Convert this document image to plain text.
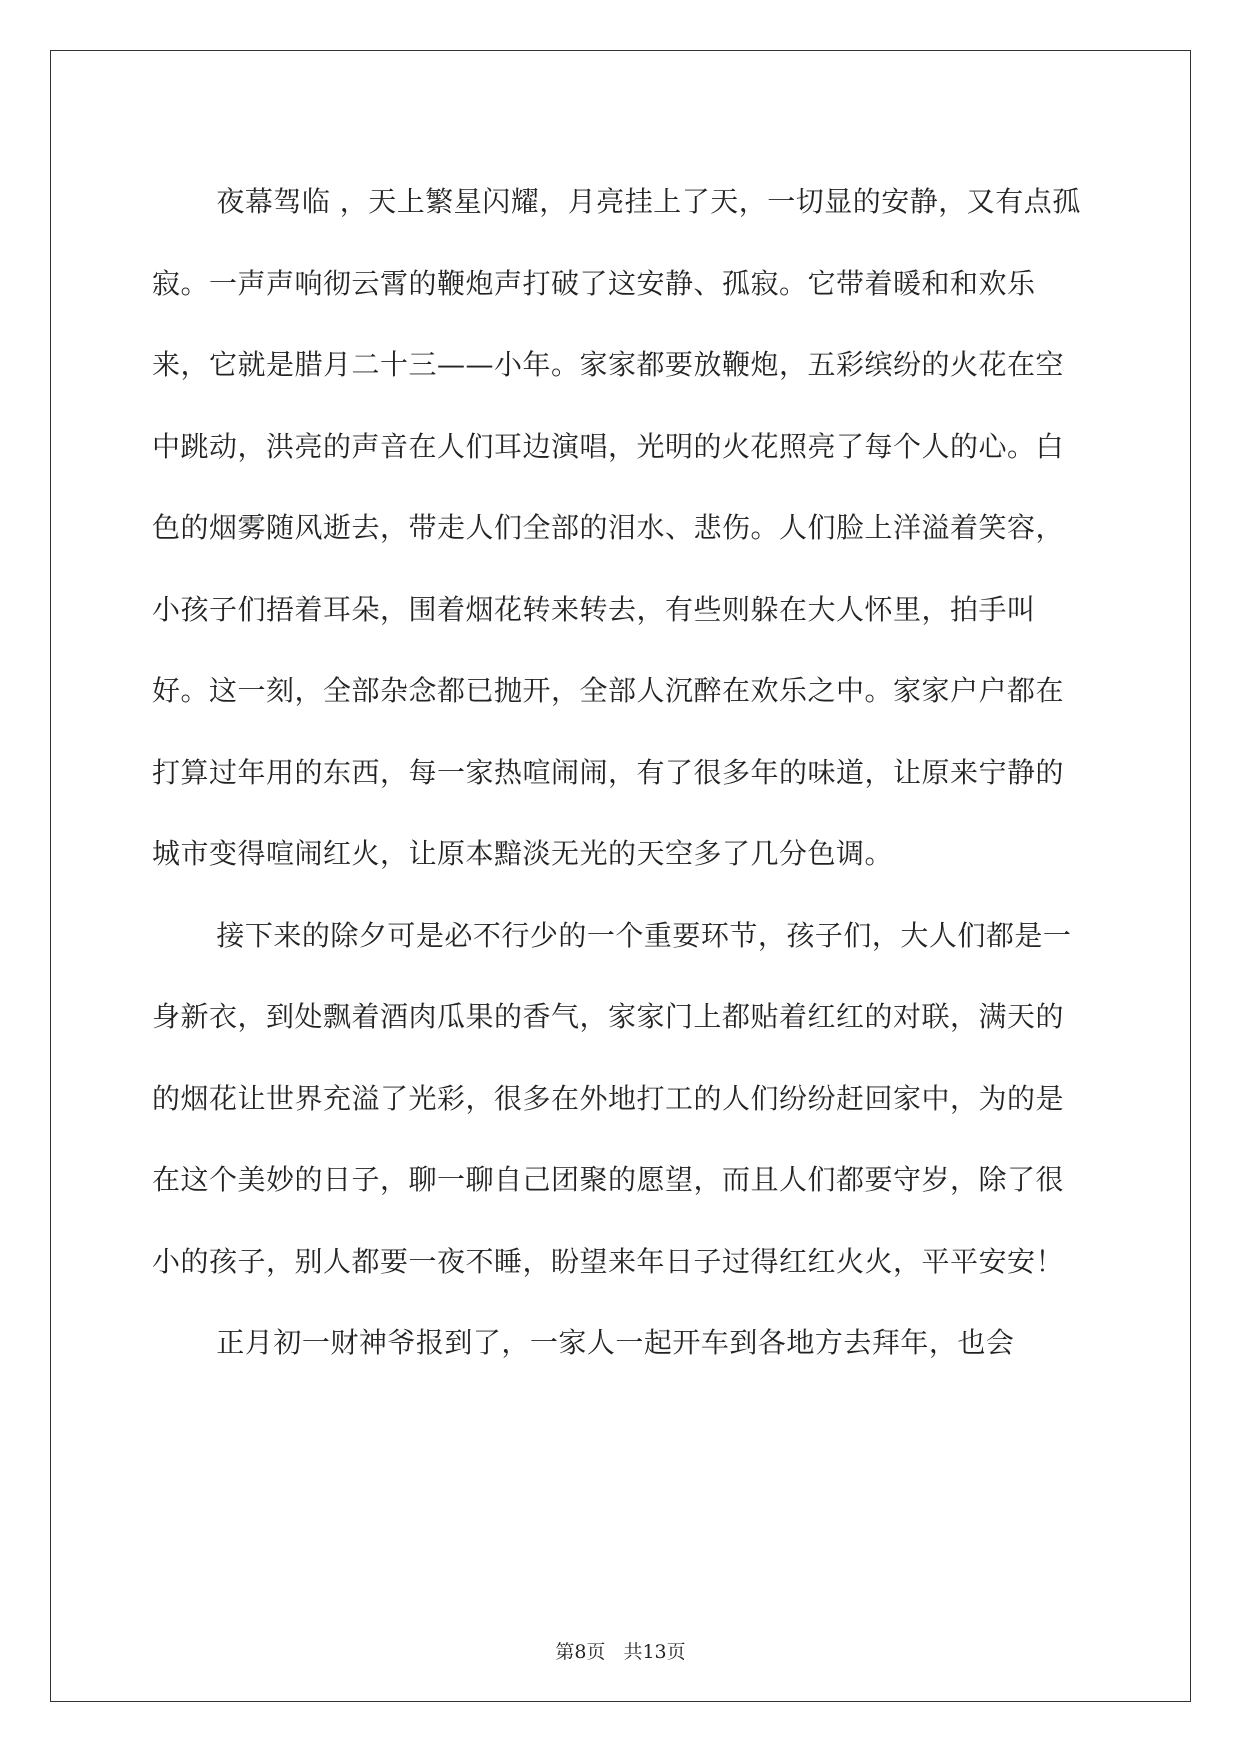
夜幕驾临 ，天上繁星闪耀，月亮挂上了天，一切显的安静，又有点孤寂。一声声响彻云霄的鞭炮声打破了这安静、孤寂。它带着暖和和欢乐来，它就是腊月二十三——小年。家家都要放鞭炮，五彩缤纷的火花在空中跳动，洪亮的声音在人们耳边演唱，光明的火花照亮了每个人的心。白色的烟雾随风逝去，带走人们全部的泪水、悲伤。人们脸上洋溢着笑容，小孩子们捂着耳朵，围着烟花转来转去，有些则躲在大人怀里，拍手叫好。这一刻，全部杂念都已抛开，全部人沉醉在欢乐之中。家家户户都在打算过年用的东西，每一家热喧闹闹，有了很多年的味道，让原来宁静的城市变得喧闹红火，让原本黯淡无光的天空多了几分色调。

接下来的除夕可是必不行少的一个重要环节，孩子们，大人们都是一身新衣，到处飘着酒肉瓜果的香气，家家门上都贴着红红的对联，满天的的烟花让世界充溢了光彩，很多在外地打工的人们纷纷赶回家中，为的是在这个美妙的日子，聊一聊自己团聚的愿望，而且人们都要守岁，除了很小的孩子，别人都要一夜不睡，盼望来年日子过得红红火火，平平安安！

正月初一财神爷报到了，一家人一起开车到各地方去拜年，也会

第8页 共13页
